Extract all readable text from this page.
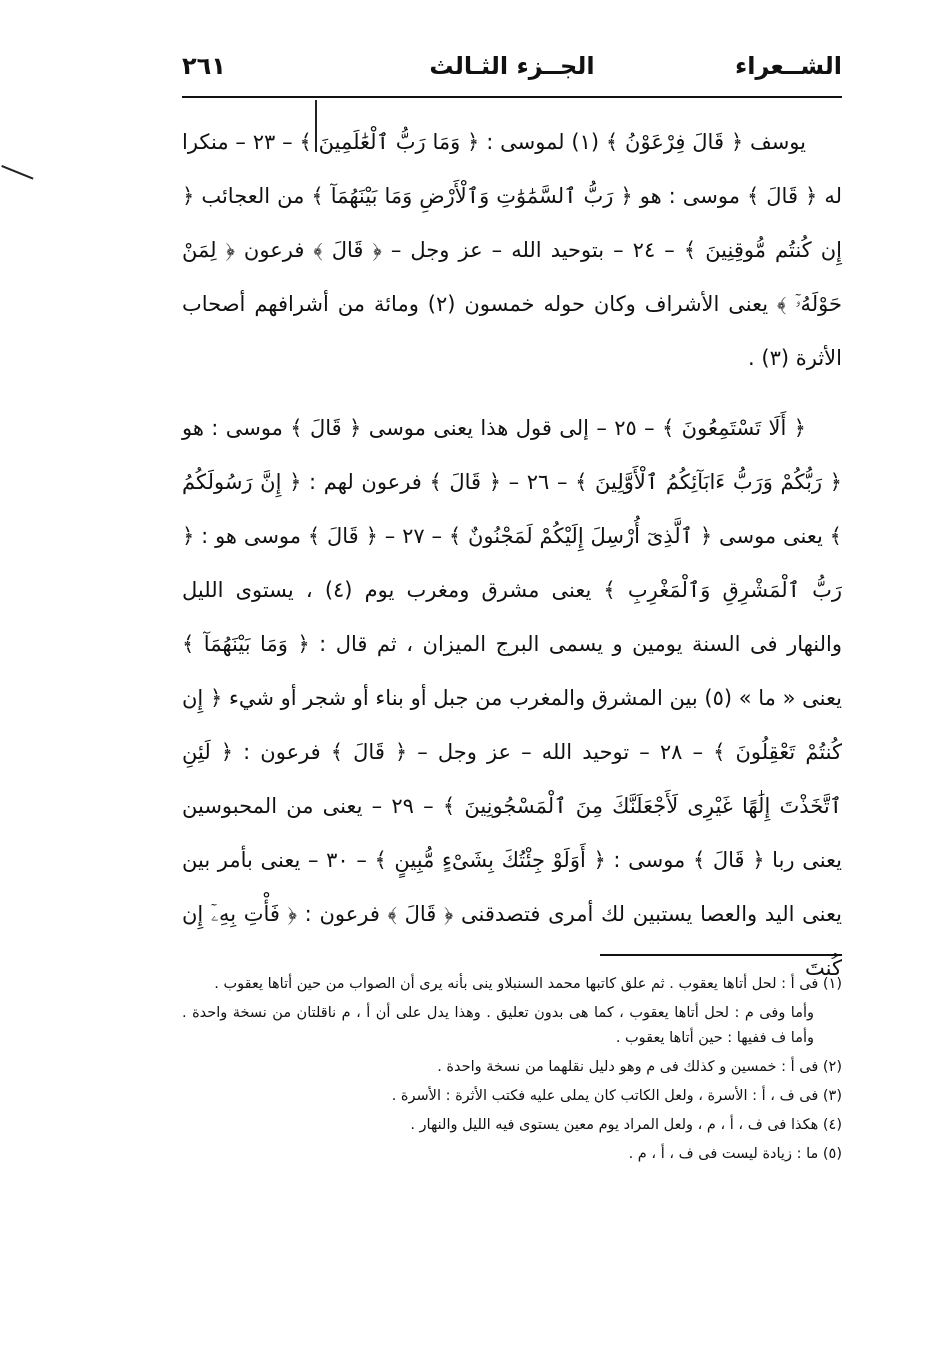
الشــعراء
الجــزء الثـالث
٢٦١

يوسف ﴿ قَالَ فِرْعَوْنُ ﴾ (١) لموسى : ﴿ وَمَا رَبُّ ٱلْعَٰلَمِينَ ﴾ – ٢٣ – منكرا له ﴿ قَالَ ﴾ موسى : هو ﴿ رَبُّ ٱلسَّمَٰوَٰتِ وَٱلْأَرْضِ وَمَا بَيْنَهُمَآ ﴾ من العجائب ﴿ إِن كُنتُم مُّوقِنِينَ ﴾ – ٢٤ – بتوحيد الله – عز وجل – ﴿ قَالَ ﴾ فرعون ﴿ لِمَنْ حَوْلَهُۥٓ ﴾ يعنى الأشراف وكان حوله خمسون (٢) ومائة من أشرافهم أصحاب الأثرة (٣) .

﴿ أَلَا تَسْتَمِعُونَ ﴾ – ٢٥ – إلى قول هذا يعنى موسى ﴿ قَالَ ﴾ موسى : هو ﴿ رَبُّكُمْ وَرَبُّ ءَابَآئِكُمُ ٱلْأَوَّلِينَ ﴾ – ٢٦ – ﴿ قَالَ ﴾ فرعون لهم : ﴿ إِنَّ رَسُولَكُمُ ﴾ يعنى موسى ﴿ ٱلَّذِىٓ أُرْسِلَ إِلَيْكُمْ لَمَجْنُونٌ ﴾ – ٢٧ – ﴿ قَالَ ﴾ موسى هو : ﴿ رَبُّ ٱلْمَشْرِقِ وَٱلْمَغْرِبِ ﴾ يعنى مشرق ومغرب يوم (٤) ، يستوى الليل والنهار فى السنة يومين و يسمى البرج الميزان ، ثم قال : ﴿ وَمَا بَيْنَهُمَآ ﴾ يعنى « ما » (٥) بين المشرق والمغرب من جبل أو بناء أو شجر أو شيء ﴿ إِن كُنتُمْ تَعْقِلُونَ ﴾ – ٢٨ – توحيد الله – عز وجل – ﴿ قَالَ ﴾ فرعون : ﴿ لَئِنِ ٱتَّخَذْتَ إِلَٰهًا غَيْرِى لَأَجْعَلَنَّكَ مِنَ ٱلْمَسْجُونِينَ ﴾ – ٢٩ – يعنى من المحبوسين يعنى ربا ﴿ قَالَ ﴾ موسى : ﴿ أَوَلَوْ جِئْتُكَ بِشَىْءٍ مُّبِينٍ ﴾ – ٣٠ – يعنى بأمر بين يعنى اليد والعصا يستبين لك أمرى فتصدقنى ﴿ قَالَ ﴾ فرعون : ﴿ فَأْتِ بِهِۦٓ إِن كُنتَ

(١) فى أ : لحل أتاها يعقوب . ثم علق كاتبها محمد السنبلاو ينى بأنه يرى أن الصواب من حين أتاها يعقوب .

وأما وفى م : لحل أتاها يعقوب ، كما هى بدون تعليق . وهذا يدل على أن أ ، م ناقلتان من نسخة واحدة . وأما ف ففيها : حين أتاها يعقوب .

(٢) فى أ : خمسين و كذلك فى م وهو دليل نقلهما من نسخة واحدة .

(٣) فى ف ، أ : الأسرة ، ولعل الكاتب كان يملى عليه فكتب الأثرة : الأسرة .

(٤) هكذا فى ف ، أ ، م ، ولعل المراد يوم معين يستوى فيه الليل والنهار .

(٥) ما : زيادة ليست فى ف ، أ ، م .
